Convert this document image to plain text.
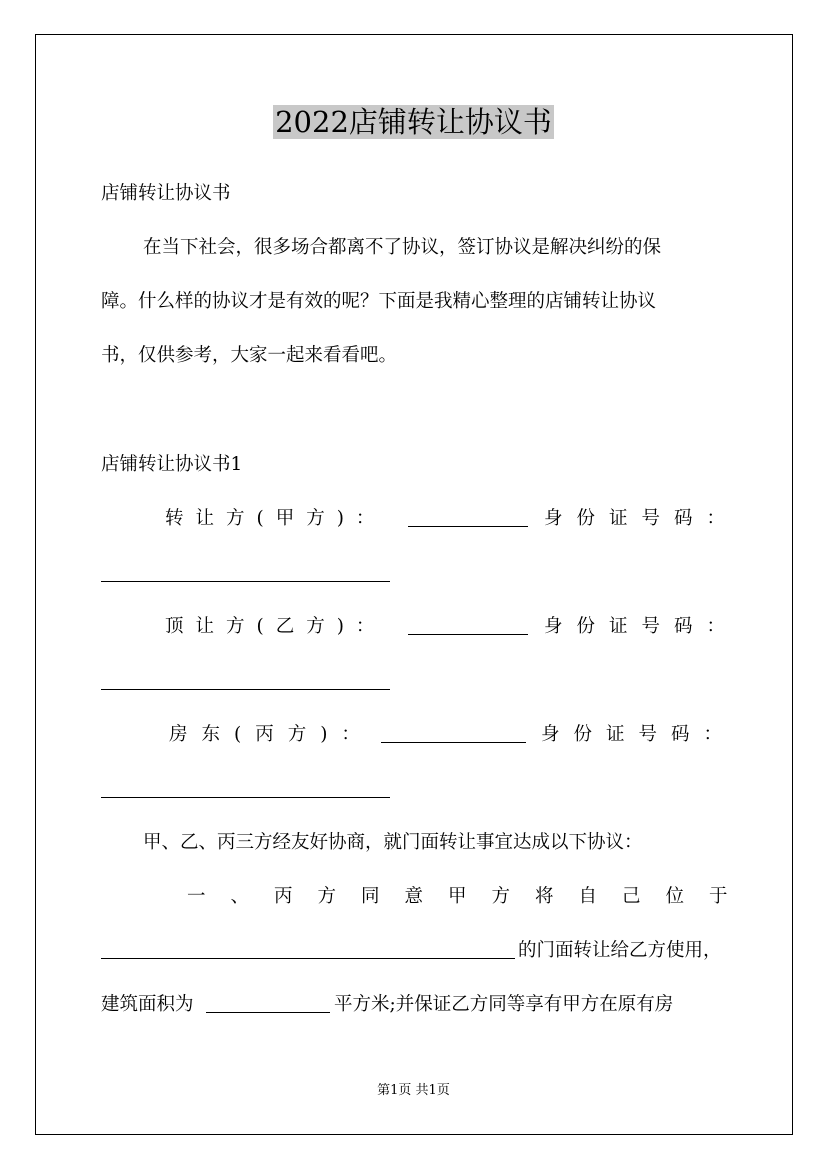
2022店铺转让协议书
店铺转让协议书
在当下社会，很多场合都离不了协议，签订协议是解决纠纷的保
障。什么样的协议才是有效的呢？下面是我精心整理的店铺转让协议
书，仅供参考，大家一起来看看吧。
店铺转让协议书1
转让方(甲方)：	身份证号码：
顶让方(乙方)：	身份证号码：
房东(丙方)：	身份证号码：
甲、乙、丙三方经友好协商，就门面转让事宜达成以下协议：
一、丙方同意甲方将自己位于
的门面转让给乙方使用，
建筑面积为	平方米;并保证乙方同等享有甲方在原有房
第1页 共1页
